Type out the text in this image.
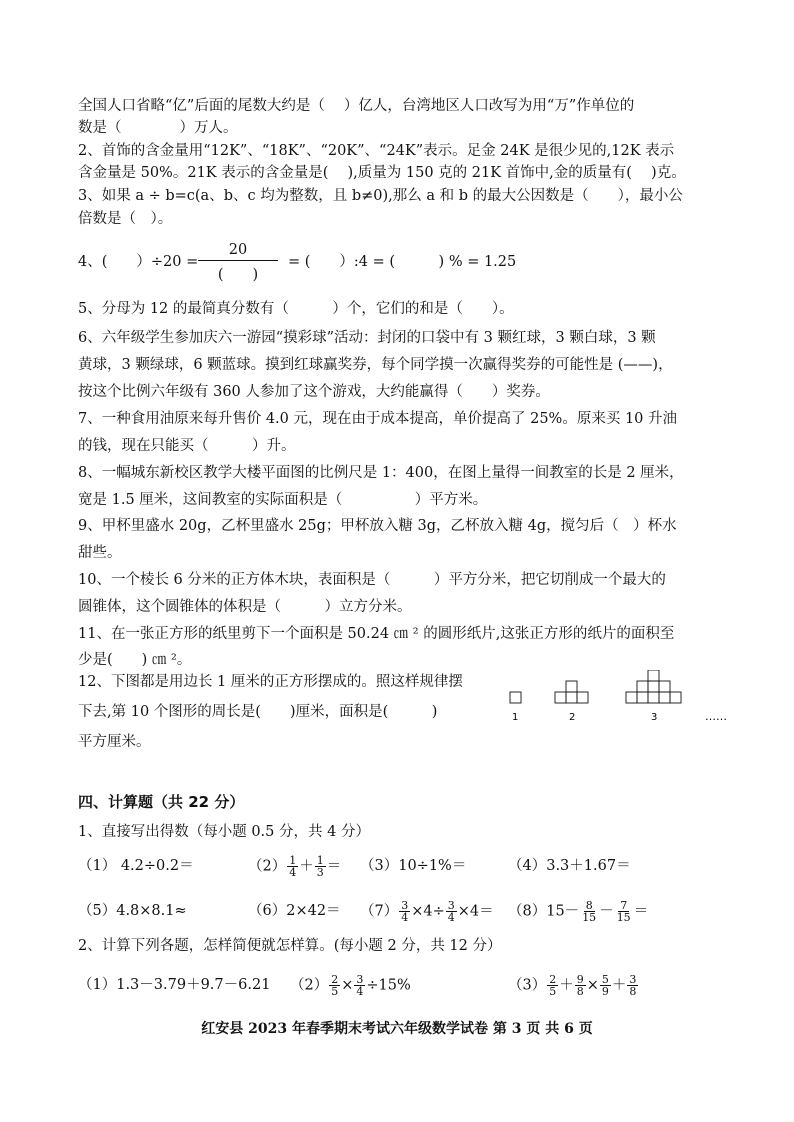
全国人口省略“亿”后面的尾数大约是（　 ）亿人，台湾地区人口改写为用“万”作单位的
数是（　　　　）万人。
2、首饰的含金量用“12K”、“18K”、“20K”、“24K”表示。足金 24K 是很少见的,12K 表示
含金量是 50%。21K 表示的含金量是(　 ),质量为 150 克的 21K 首饰中,金的质量有(　 )克。
3、如果 a ÷ b=c(a、b、c 均为整数，且 b≠0),那么 a 和 b 的最大公因数是（　　），最小公
倍数是（　）。
4、(　　）÷20 =
20
(　　)
= (　　）:4 = (　　　) % = 1.25
5、分母为 12 的最简真分数有（　　　）个，它们的和是（　　）。
6、六年级学生参加庆六一游园“摸彩球”活动：封闭的口袋中有 3 颗红球，3 颗白球，3 颗
黄球，3 颗绿球，6 颗蓝球。摸到红球赢奖券，每个同学摸一次赢得奖券的可能性是 (——)，
按这个比例六年级有 360 人参加了这个游戏，大约能赢得（　　）奖券。
7、一种食用油原来每升售价 4.0 元，现在由于成本提高，单价提高了 25%。原来买 10 升油
的钱，现在只能买（　　　）升。
8、一幅城东新校区教学大楼平面图的比例尺是 1：400，在图上量得一间教室的长是 2 厘米，
宽是 1.5 厘米，这间教室的实际面积是（　　　　　）平方米。
9、甲杯里盛水 20g，乙杯里盛水 25g；甲杯放入糖 3g，乙杯放入糖 4g，搅匀后（　）杯水
甜些。
10、一个棱长 6 分米的正方体木块，表面积是（　　　）平方分米，把它切削成一个最大的
圆锥体，这个圆锥体的体积是（　　　）立方分米。
11、在一张正方形的纸里剪下一个面积是 50.24 ㎝ ² 的圆形纸片,这张正方形的纸片的面积至
少是(　　) ㎝ ²。
12、下图都是用边长 1 厘米的正方形摆成的。照这样规律摆
下去,第 10 个图形的周长是(　　)厘米，面积是(　　　)
平方厘米。
1	2	3	……
四、计算题（共 22 分）
1、直接写出得数（每小题 0.5 分，共 4 分）
（1） 4.2÷0.2＝	$(2) \frac{1}{4} + \frac{1}{3} = (3)10\div 1\%=$	（4）3.3＋1.67＝
（5）4.8×8.1≈	$(6)2\times 42= (7) \frac{3}{4} \times 4\div \frac{3}{4} \times 4= (8)15- \frac{8}{15} - \frac{7}{15}$ ＝
2、计算下列各题，怎样简便就怎样算。(每小题 2 分，共 12 分）
（1）1.3－3.79＋9.7－6.21 $(2) \frac{2}{5} \times \frac{3}{4} \div 15\%$	$(3) \frac{2}{5} + \frac{9}{8} \times \frac{5}{9} + \frac{3}{8}$
红安县 2023 年春季期末考试六年级数学试卷 第 3 页 共 6 页
